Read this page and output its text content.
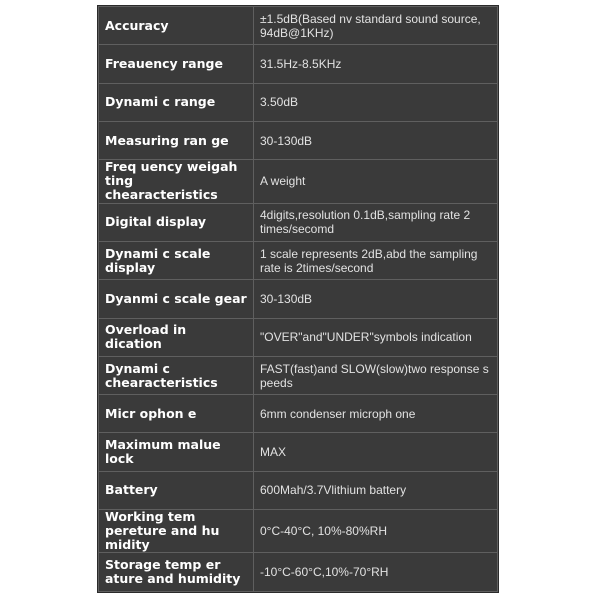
Accuracy	±1.5dB(Based nv standard sound source, 94dB@1KHz)
Freauency range	31.5Hz-8.5KHz
Dynami c range	3.50dB
Measuring ran ge	30-130dB
Freq uency weigah ting chearacteristics	A weight
Digital display	4digits,resolution 0.1dB,sampling rate 2 times/secomd
Dynami c scale display	1 scale represents 2dB,abd the sampling rate is 2times/second
Dyanmi c scale gear	30-130dB
Overload in dication	"OVER"and"UNDER"symbols indication
Dynami c chearacteristics	FAST(fast)and SLOW(slow)two response s peeds
Micr ophon e	6mm condenser microph one
Maximum malue lock	MAX
Battery	600Mah/3.7Vlithium battery
Working tem pereture and hu midity	0°C-40°C, 10%-80%RH
Storage temp er ature and humidity	-10°C-60°C,10%-70°RH
